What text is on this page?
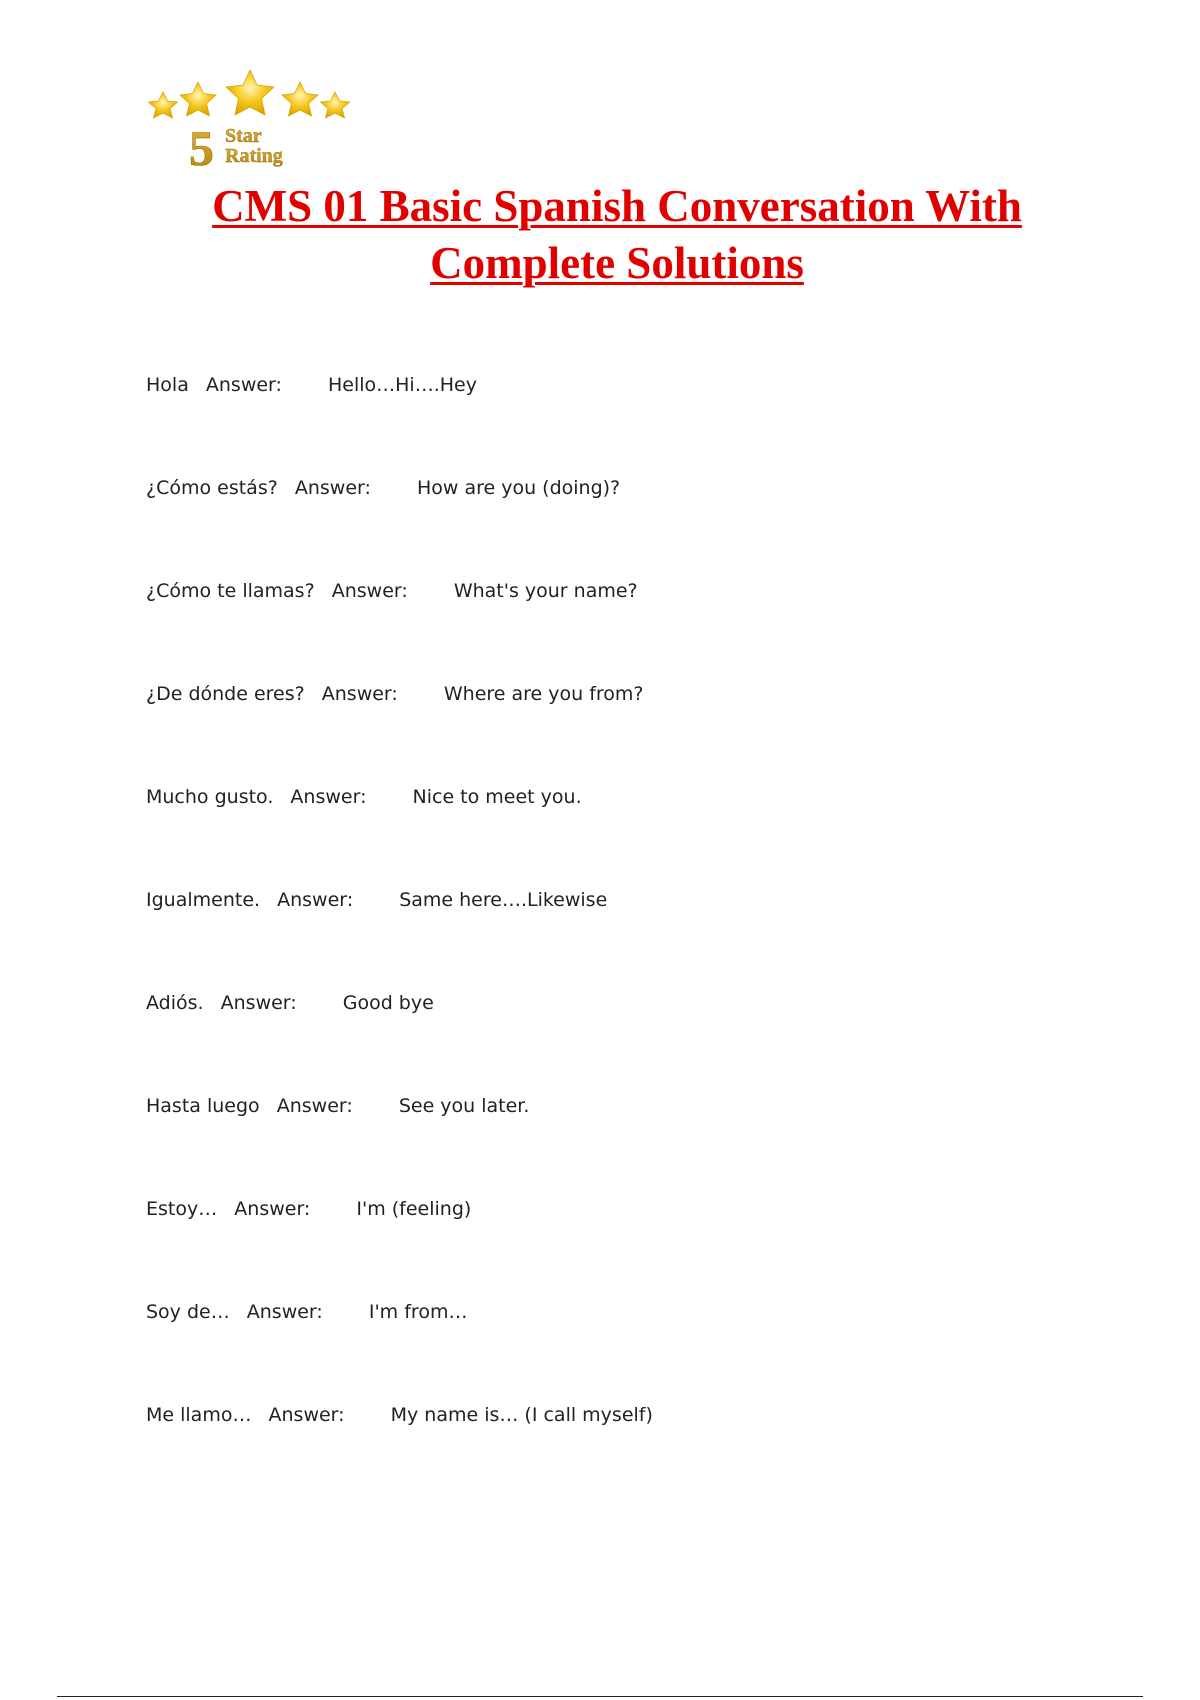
5 Star
Rating
CMS 01 Basic Spanish Conversation With Complete Solutions
Hola Answer: Hello…Hi….Hey
¿Cómo estás? Answer: How are you (doing)?
¿Cómo te llamas? Answer: What's your name?
¿De dónde eres? Answer: Where are you from?
Mucho gusto. Answer: Nice to meet you.
Igualmente. Answer: Same here….Likewise
Adiós. Answer: Good bye
Hasta luego Answer: See you later.
Estoy… Answer: I'm (feeling)
Soy de… Answer: I'm from…
Me llamo… Answer: My name is… (I call myself)
